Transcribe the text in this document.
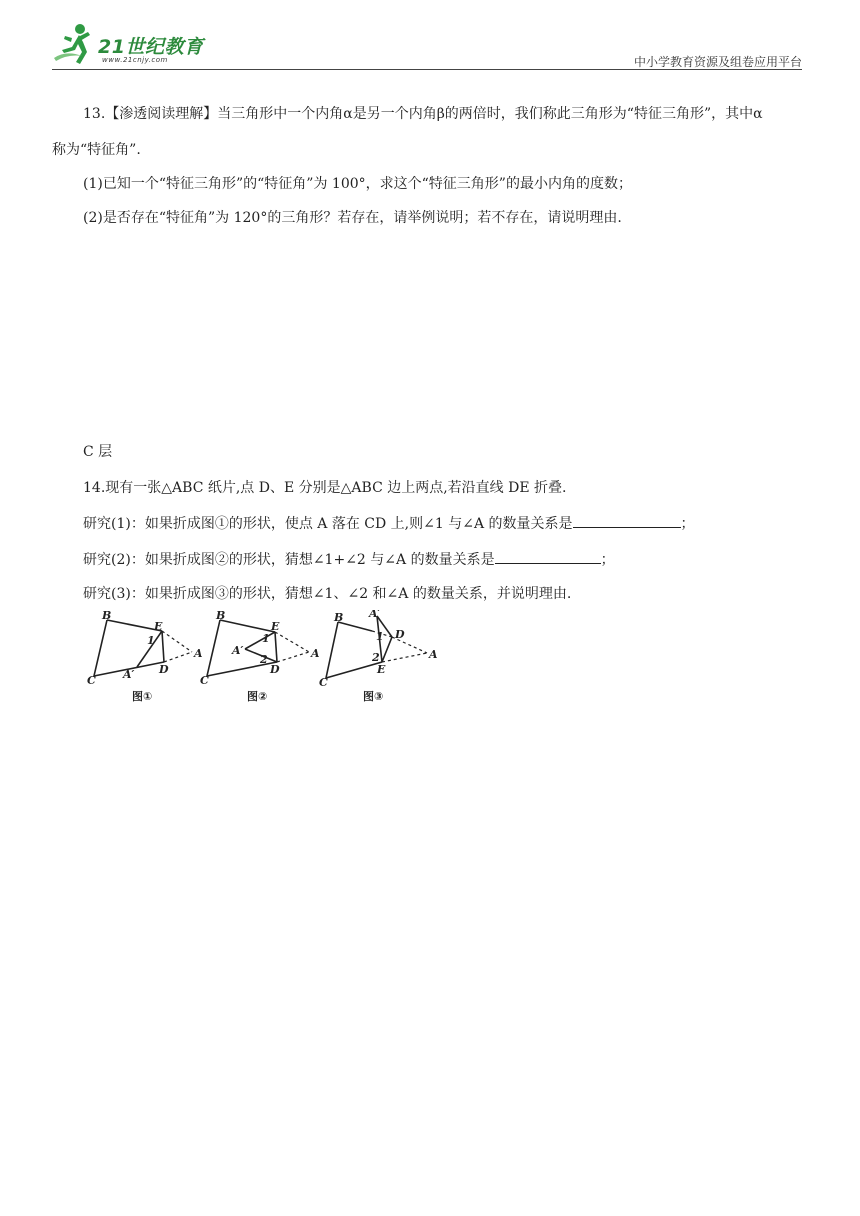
21世纪教育
www.21cnjy.com	中小学教育资源及组卷应用平台
13.【渗透阅读理解】当三角形中一个内角α是另一个内角β的两倍时，我们称此三角形为“特征三角形”，其中α
称为“特征角”.
(1)已知一个“特征三角形”的“特征角”为 100°，求这个“特征三角形”的最小内角的度数；
(2)是否存在“特征角”为 120°的三角形？若存在，请举例说明；若不存在，请说明理由.
C 层
14.现有一张△ABC 纸片,点 D、E 分别是△ABC 边上两点,若沿直线 DE 折叠.
研究(1)：如果折成图①的形状，使点 A 落在 CD 上,则∠1 与∠A 的数量关系是	；
研究(2)：如果折成图②的形状，猜想∠1+∠2 与∠A 的数量关系是	；
研究(3)：如果折成图③的形状，猜想∠1、∠2 和∠A 的数量关系，并说明理由.
B
C
E
D
A
A′
1
图①
B
C
E
D
A
A′
1
2
图②
B
C
E
D
A
A′
1
2
图③
